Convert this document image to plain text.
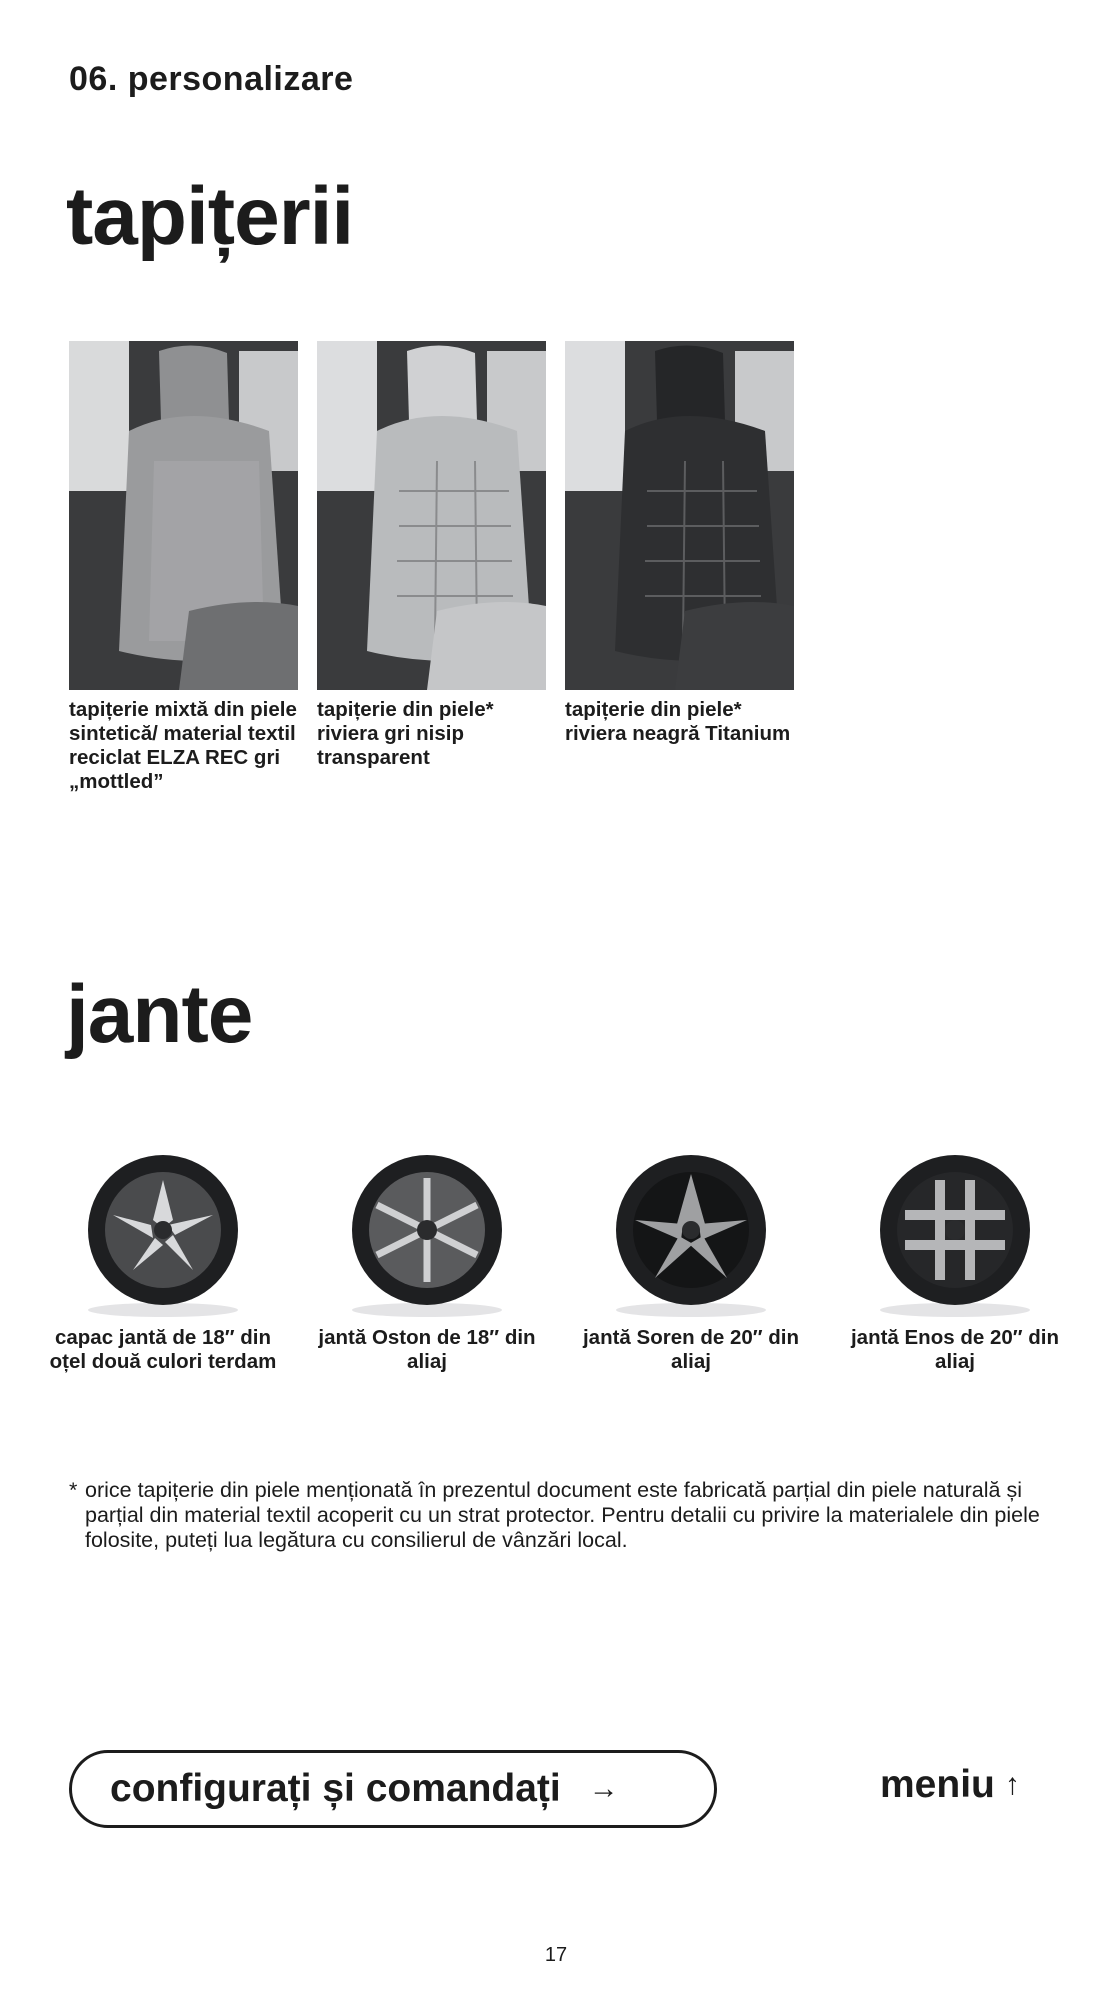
06. personalizare
tapițerii
tapițerie mixtă din piele sintetică/ material textil reciclat ELZA REC gri „mottled”
tapițerie din piele* riviera gri nisip transparent
tapițerie din piele* riviera neagră Titanium
jante
capac jantă de 18″ din oțel două culori terdam
jantă Oston de 18″ din aliaj
jantă Soren de 20″ din aliaj
jantă Enos de 20″ din aliaj
* orice tapițerie din piele menționată în prezentul document este fabricată parțial din piele naturală și parțial din material textil acoperit cu un strat protector. Pentru detalii cu privire la materialele din piele folosite, puteți lua legătura cu consilierul de vânzări local.
configurați și comandați →	meniu ↑
17
